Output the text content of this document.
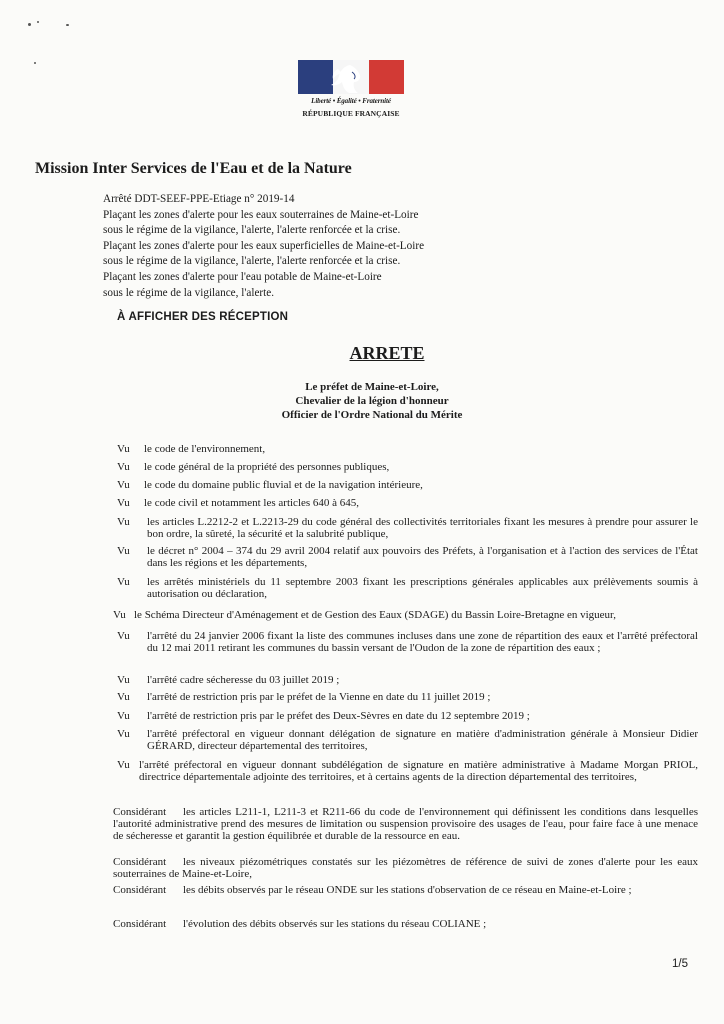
Liberté • Égalité • Fraternité
RÉPUBLIQUE FRANÇAISE
Mission Inter Services de l'Eau et de la Nature
Arrêté DDT-SEEF-PPE-Etiage n° 2019-14
Plaçant les zones d'alerte pour les eaux souterraines de Maine-et-Loire
sous le régime de la vigilance, l'alerte, l'alerte renforcée et la crise.
Plaçant les zones d'alerte pour les eaux superficielles de Maine-et-Loire
sous le régime de la vigilance, l'alerte, l'alerte renforcée et la crise.
Plaçant les zones d'alerte pour l'eau potable de Maine-et-Loire
sous le régime de la vigilance, l'alerte.
À AFFICHER DES RÉCEPTION
ARRETE
Le préfet de Maine-et-Loire,
Chevalier de la légion d'honneur
Officier de l'Ordre National du Mérite
Vu le code de l'environnement,
Vu le code général de la propriété des personnes publiques,
Vu le code du domaine public fluvial et de la navigation intérieure,
Vu le code civil et notamment les articles 640 à 645,
Vu les articles L.2212-2 et L.2213-29 du code général des collectivités territoriales fixant les mesures à prendre pour assurer le bon ordre, la sûreté, la sécurité et la salubrité publique,
Vu le décret n° 2004 – 374 du 29 avril 2004 relatif aux pouvoirs des Préfets, à l'organisation et à l'action des services de l'État dans les régions et les départements,
Vu les arrêtés ministériels du 11 septembre 2003 fixant les prescriptions générales applicables aux prélèvements soumis à autorisation ou déclaration,
Vu le Schéma Directeur d'Aménagement et de Gestion des Eaux (SDAGE) du Bassin Loire-Bretagne en vigueur,
Vu l'arrêté du 24 janvier 2006 fixant la liste des communes incluses dans une zone de répartition des eaux et l'arrêté préfectoral du 12 mai 2011 retirant les communes du bassin versant de l'Oudon de la zone de répartition des eaux ;
Vu l'arrêté cadre sécheresse du 03 juillet 2019 ;
Vu l'arrêté de restriction pris par le préfet de la Vienne en date du 11 juillet 2019 ;
Vu l'arrêté de restriction pris par le préfet des Deux-Sèvres en date du 12 septembre 2019 ;
Vu l'arrêté préfectoral en vigueur donnant délégation de signature en matière d'administration générale à Monsieur Didier GÉRARD, directeur départemental des territoires,
Vu l'arrêté préfectoral en vigueur donnant subdélégation de signature en matière administrative à Madame Morgan PRIOL, directrice départementale adjointe des territoires, et à certains agents de la direction départemental des territoires,
Considérant	les articles L211-1, L211-3 et R211-66 du code de l'environnement qui définissent les conditions dans lesquelles l'autorité administrative prend des mesures de limitation ou suspension provisoire des usages de l'eau, pour faire face à une menace de sécheresse et garantit la gestion équilibrée et durable de la ressource en eau.
Considérant	les niveaux piézométriques constatés sur les piézomètres de référence de suivi de zones d'alerte pour les eaux souterraines de Maine-et-Loire,
Considérant les débits observés par le réseau ONDE sur les stations d'observation de ce réseau en Maine-et-Loire ;
Considérant l'évolution des débits observés sur les stations du réseau COLIANE ;
1/5
